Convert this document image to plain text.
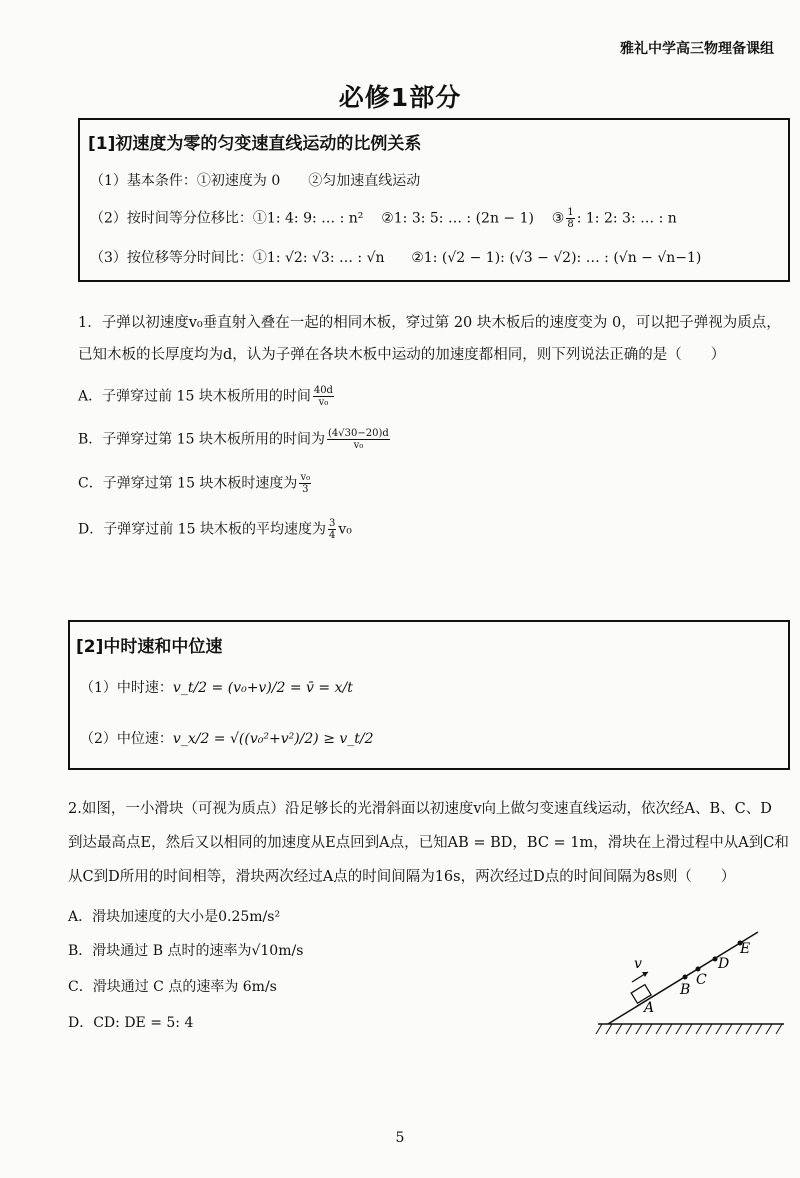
雅礼中学高三物理备课组
必修1部分
[1]初速度为零的匀变速直线运动的比例关系
（1）基本条件：①初速度为 0　　②匀加速直线运动
（2）按时间等分位移比：①1: 4: 9: … : n² ②1: 3: 5: … : (2n − 1) ③ $\frac{1}{8}$ : 1: 2: 3: … : n
（3）按位移等分时间比：①1: √2: √3: … : √n ②1: (√2 − 1): (√3 − √2): … : (√n − √n−1)
1．子弹以初速度v₀垂直射入叠在一起的相同木板，穿过第 20 块木板后的速度变为 0，可以把子弹视为质点，
已知木板的长厚度均为d，认为子弹在各块木板中运动的加速度都相同，则下列说法正确的是（　　）
A．子弹穿过前 15 块木板所用的时间 $\frac{40d}{\text{v₀}}$
B．子弹穿过第 15 块木板所用的时间为 $\frac{(4√30-20)d}{\text{v₀}}$
C．子弹穿过第 15 块木板时速度为 $\frac{\text{v₀}}{3}$
D．子弹穿过前 15 块木板的平均速度为 $\frac{3}{4} v_0$
[2]中时速和中位速
（1）中时速：v_t/2 = (v₀+v)/2 = v̄ = x/t
（2）中位速：v_x/2 = √((v₀²+v²)/2) ≥ v_t/2
2.如图，一小滑块（可视为质点）沿足够长的光滑斜面以初速度v向上做匀变速直线运动，依次经A、B、C、D
到达最高点E，然后又以相同的加速度从E点回到A点，已知AB = BD，BC = 1m，滑块在上滑过程中从A到C和
从C到D所用的时间相等，滑块两次经过A点的时间间隔为16s，两次经过D点的时间间隔为8s则（　　）
A．滑块加速度的大小是0.25m/s²
B．滑块通过 B 点时的速率为√10m/s
C．滑块通过 C 点的速率为 6m/s
D．CD: DE = 5: 4
v
A
B
C
D
E
5
